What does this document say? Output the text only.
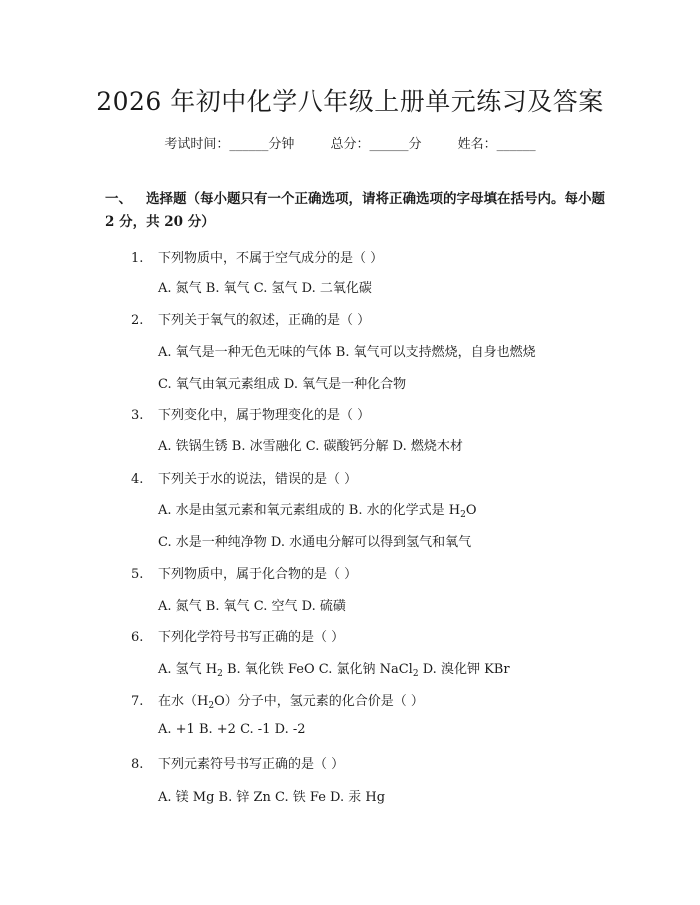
2026 年初中化学八年级上册单元练习及答案
考试时间：______分钟	总分：______分	姓名：______
一、 选择题（每小题只有一个正确选项，请将正确选项的字母填在括号内。每小题 2 分，共 20 分）
1. 下列物质中，不属于空气成分的是（ ）
A. 氮气 B. 氧气 C. 氢气 D. 二氧化碳
2. 下列关于氧气的叙述，正确的是（ ）
A. 氧气是一种无色无味的气体 B. 氧气可以支持燃烧，自身也燃烧
C. 氧气由氧元素组成 D. 氧气是一种化合物
3. 下列变化中，属于物理变化的是（ ）
A. 铁锅生锈 B. 冰雪融化 C. 碳酸钙分解 D. 燃烧木材
4. 下列关于水的说法，错误的是（ ）
A. 水是由氢元素和氧元素组成的 B. 水的化学式是 $H_2O$
C. 水是一种纯净物 D. 水通电分解可以得到氢气和氧气
5. 下列物质中，属于化合物的是（ ）
A. 氮气 B. 氧气 C. 空气 D. 硫磺
6. 下列化学符号书写正确的是（ ）
A. 氢气 $H_2$ B. 氧化铁 FeO C. 氯化钠 NaCl$_2$ D. 溴化钾 KBr
7. 在水$(H_2O)$分子中，氢元素的化合价是（ ）
A. +1 B. +2 C. -1 D. -2
8. 下列元素符号书写正确的是（ ）
A. 镁 Mg B. 锌 Zn C. 铁 Fe D. 汞 Hg
